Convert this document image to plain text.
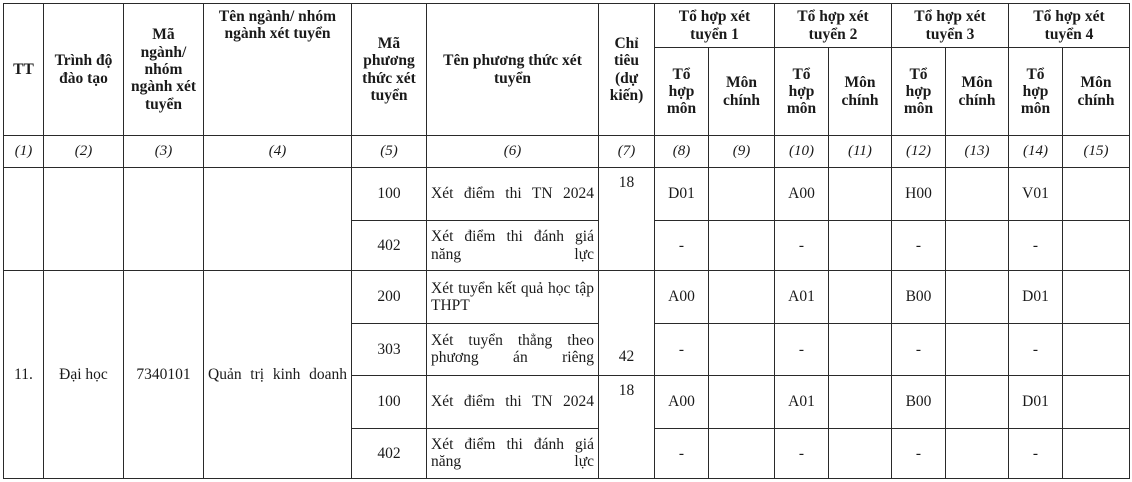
TT	Trình độ đào tạo	Mã ngành/ nhóm ngành xét tuyển	Tên ngành/ nhóm ngành xét tuyển	Mã phương thức xét tuyển	Tên phương thức xét tuyển	Chỉ tiêu (dự kiến)	Tổ hợp xét tuyển 1		Tổ hợp xét tuyển 2		Tổ hợp xét tuyển 3		Tổ hợp xét tuyển 4	
							Tổ hợp môn	Môn chính	Tổ hợp môn	Môn chính	Tổ hợp môn	Môn chính	Tổ hợp môn	Môn chính
(1)	(2)	(3)	(4)	(5)	(6)	(7)	(8)	(9)	(10)	(11)	(12)	(13)	(14)	(15)
				100	Xét điểm thi TN 2024	18	D01		A00		H00		V01	
				402	Xét điểm thi đánh giá năng lực		-		-		-		-	
11.	Đại học	7340101	Quản trị kinh doanh	200	Xét tuyển kết quả học tập THPT	42	A00		A01		B00		D01	
				303	Xét tuyển thẳng theo phương án riêng		-		-		-		-	
				100	Xét điểm thi TN 2024	18	A00		A01		B00		D01	
				402	Xét điểm thi đánh giá năng lực		-		-		-		-	
